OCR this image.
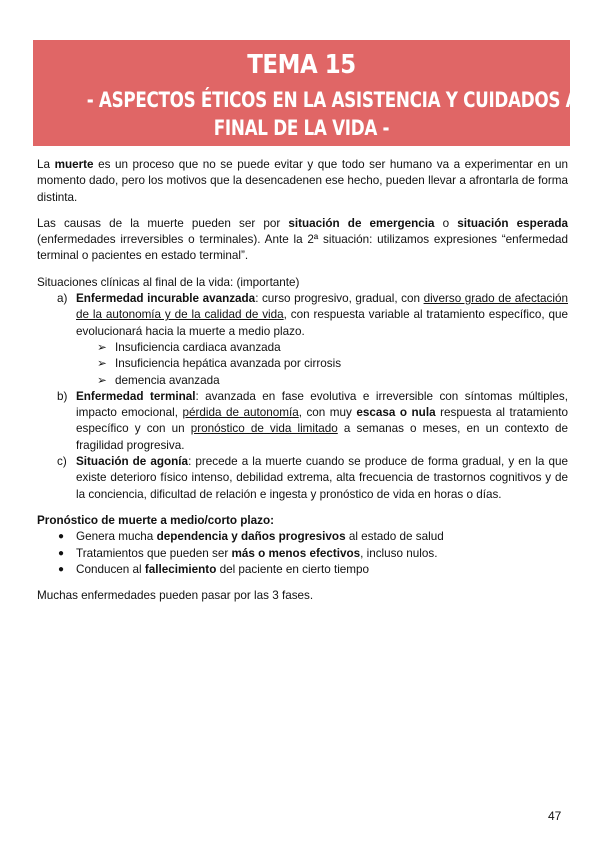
TEMA 15
- ASPECTOS ÉTICOS EN LA ASISTENCIA Y CUIDADOS AL
FINAL DE LA VIDA -

La muerte es un proceso que no se puede evitar y que todo ser humano va a experimentar en un momento dado, pero los motivos que la desencadenen ese hecho, pueden llevar a afrontarla de forma distinta.

Las causas de la muerte pueden ser por situación de emergencia o situación esperada (enfermedades irreversibles o terminales). Ante la 2ª situación: utilizamos expresiones “enfermedad terminal o pacientes en estado terminal”.

Situaciones clínicas al final de la vida: (importante)

a) Enfermedad incurable avanzada: curso progresivo, gradual, con diverso grado de afectación de la autonomía y de la calidad de vida, con respuesta variable al tratamiento específico, que evolucionará hacia la muerte a medio plazo.
➢ Insuficiencia cardiaca avanzada
➢ Insuficiencia hepática avanzada por cirrosis
➢ demencia avanzada
b) Enfermedad terminal: avanzada en fase evolutiva e irreversible con síntomas múltiples, impacto emocional, pérdida de autonomía, con muy escasa o nula respuesta al tratamiento específico y con un pronóstico de vida limitado a semanas o meses, en un contexto de fragilidad progresiva.
c) Situación de agonía: precede a la muerte cuando se produce de forma gradual, y en la que existe deterioro físico intenso, debilidad extrema, alta frecuencia de trastornos cognitivos y de la conciencia, dificultad de relación e ingesta y pronóstico de vida en horas o días.

Pronóstico de muerte a medio/corto plazo:

● Genera mucha dependencia y daños progresivos al estado de salud
● Tratamientos que pueden ser más o menos efectivos, incluso nulos.
● Conducen al fallecimiento del paciente en cierto tiempo

Muchas enfermedades pueden pasar por las 3 fases.

47
